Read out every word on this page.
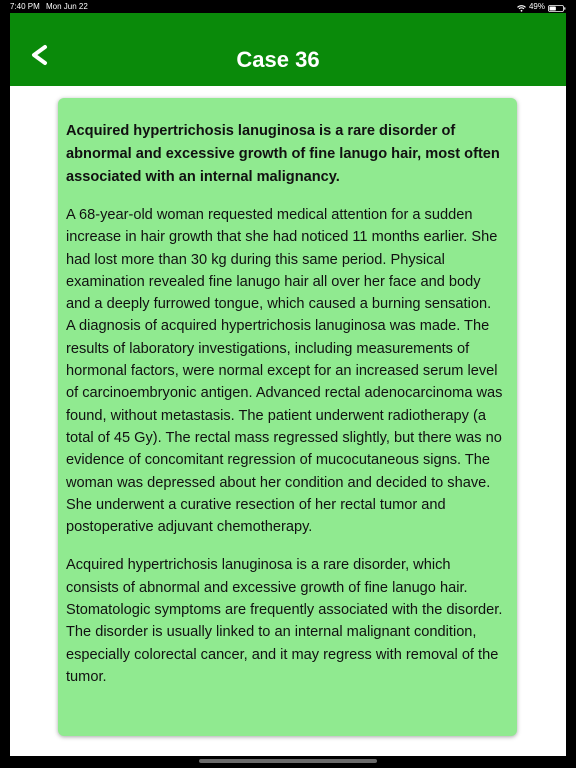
7:40 PM Mon Jun 22	49%
Case 36

Acquired hypertrichosis lanuginosa is a rare disorder of abnormal and excessive growth of fine lanugo hair, most often associated with an internal malignancy.

A 68-year-old woman requested medical attention for a sudden increase in hair growth that she had noticed 11 months earlier. She had lost more than 30 kg during this same period. Physical examination revealed fine lanugo hair all over her face and body and a deeply furrowed tongue, which caused a burning sensation. A diagnosis of acquired hypertrichosis lanuginosa was made. The results of laboratory investigations, including measurements of hormonal factors, were normal except for an increased serum level of carcinoembryonic antigen. Advanced rectal adenocarcinoma was found, without metastasis. The patient underwent radiotherapy (a total of 45 Gy). The rectal mass regressed slightly, but there was no evidence of concomitant regression of mucocutaneous signs. The woman was depressed about her condition and decided to shave. She underwent a curative resection of her rectal tumor and postoperative adjuvant chemotherapy.

Acquired hypertrichosis lanuginosa is a rare disorder, which consists of abnormal and excessive growth of fine lanugo hair. Stomatologic symptoms are frequently associated with the disorder. The disorder is usually linked to an internal malignant condition, especially colorectal cancer, and it may regress with removal of the tumor.
